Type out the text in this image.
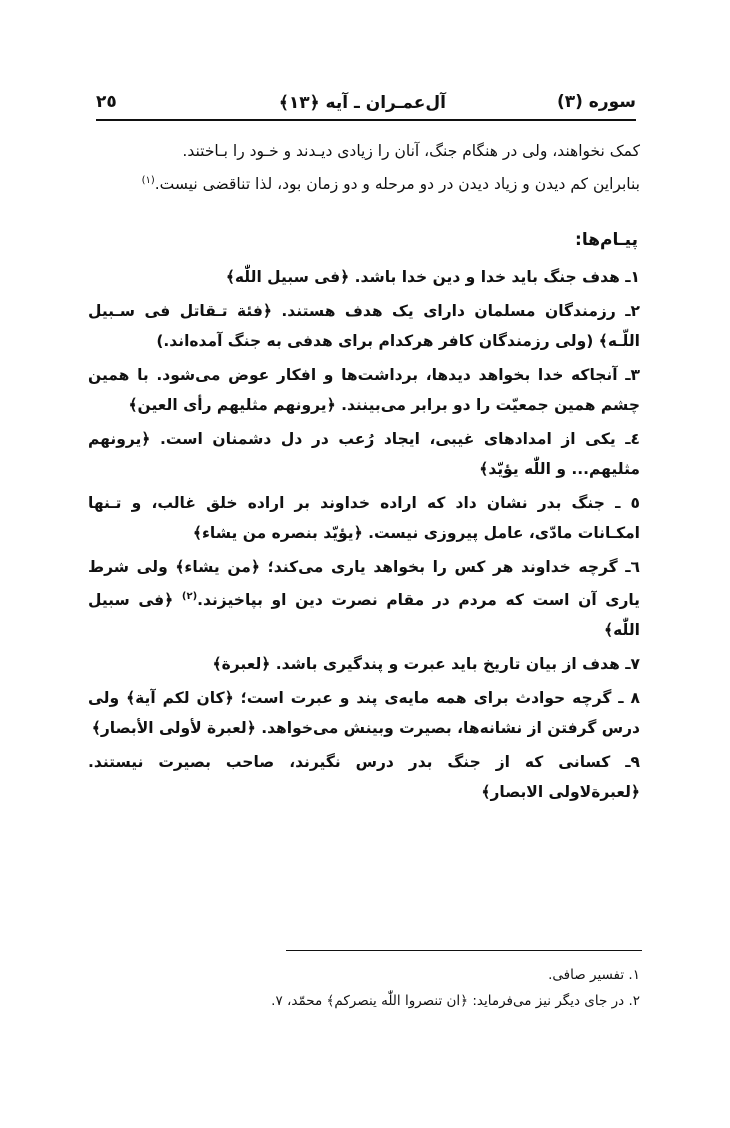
سوره (٣)
آل‌عمـران ـ آیه ﴿١٣﴾
٢٥

کمک نخواهند، ولی در هنگام جنگ، آنان را زیادی دیـدند و خـود را بـاختند.

بنابراین کم دیدن و زیاد دیدن در دو مرحله و دو زمان بود، لذا تناقضی نیست.$^{(١)}$

پیـام‌ها:
١ـ هدف جنگ باید خدا و دین خدا باشد. ﴿فی سبیل اللّٰه﴾
٢ـ رزمندگان مسلمان دارای یک هدف هستند. ﴿فئة تـقاتل فی سـبیل اللّـه﴾ (ولی رزمندگان کافر هرکدام برای هدفی به جنگ آمده‌اند.)
٣ـ آنجاکه خدا بخواهد دیدها، برداشت‌ها و افکار عوض می‌شود. با همین چشم همین جمعیّت را دو برابر می‌بینند. ﴿یرونهم مثلیهم رأی العین﴾
٤ـ یکی از امدادهای غیبی، ایجاد رُعب در دل دشمنان است. ﴿یرونهم مثلیهم... و اللّٰه یؤیّد﴾
٥ ـ جنگ بدر نشان داد که اراده خداوند بر اراده خلق غالب، و تـنها امکـانات مادّی، عامل پیروزی نیست. ﴿یؤیّد بنصره من یشاء﴾
٦ـ گرچه خداوند هر کس را بخواهد یاری می‌کند؛ ﴿من یشاء﴾ ولی شرط یاری آن است که مردم در مقام نصرت دین او بپاخیزند.$^{(٢)}$ ﴿فی سبیل اللّٰه﴾
٧ـ هدف از بیان تاریخ باید عبرت و پندگیری باشد. ﴿لعبرة﴾
٨ ـ گرچه حوادث برای همه مایه‌ی پند و عبرت است؛ ﴿کان لکم آیة﴾ ولی درس گرفتن از نشانه‌ها، بصیرت وبینش می‌خواهد. ﴿لعبرة لأولی الأبصار﴾
٩ـ کسانی که از جنگ بدر درس نگیرند، صاحب بصیرت نیستند. ﴿لعبرةلاولی الابصار﴾

١. تفسیر صافی.

٢. در جای دیگر نیز می‌فرماید: ﴿ان تنصروا اللّٰه ینصرکم﴾ محمّد، ٧.
